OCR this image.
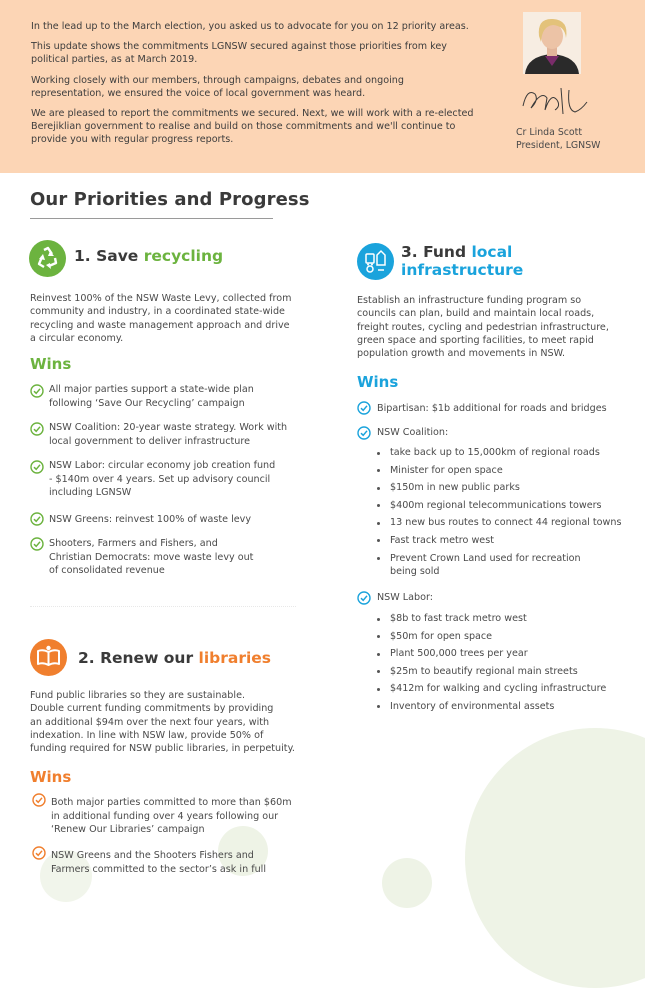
In the lead up to the March election, you asked us to advocate for you on 12 priority areas.

This update shows the commitments LGNSW secured against those priorities from key political parties, as at March 2019.

Working closely with our members, through campaigns, debates and ongoing representation, we ensured the voice of local government was heard.

We are pleased to report the commitments we secured. Next, we will work with a re-elected Berejiklian government to realise and build on those commitments and we'll continue to provide you with regular progress reports.

Cr Linda Scott
President, LGNSW
Our Priorities and Progress
1. Save recycling
Reinvest 100% of the NSW Waste Levy, collected from
community and industry, in a coordinated state-wide
recycling and waste management approach and drive
a circular economy.
Wins
All major parties support a state-wide plan
following ‘Save Our Recycling’ campaign
NSW Coalition: 20-year waste strategy. Work with
local government to deliver infrastructure
NSW Labor: circular economy job creation fund
- $140m over 4 years. Set up advisory council
including LGNSW
NSW Greens: reinvest 100% of waste levy
Shooters, Farmers and Fishers, and
Christian Democrats: move waste levy out
of consolidated revenue
2. Renew our libraries
Fund public libraries so they are sustainable.
Double current funding commitments by providing
an additional $94m over the next four years, with
indexation. In line with NSW law, provide 50% of
funding required for NSW public libraries, in perpetuity.
Wins
Both major parties committed to more than $60m
in additional funding over 4 years following our
‘Renew Our Libraries’ campaign
NSW Greens and the Shooters Fishers and
Farmers committed to the sector’s ask in full
3. Fund local
infrastructure
Establish an infrastructure funding program so
councils can plan, build and maintain local roads,
freight routes, cycling and pedestrian infrastructure,
green space and sporting facilities, to meet rapid
population growth and movements in NSW.
Wins
Bipartisan: $1b additional for roads and bridges
NSW Coalition:
take back up to 15,000km of regional roads
Minister for open space
$150m in new public parks
$400m regional telecommunications towers
13 new bus routes to connect 44 regional towns
Fast track metro west
Prevent Crown Land used for recreation
being sold
NSW Labor:
$8b to fast track metro west
$50m for open space
Plant 500,000 trees per year
$25m to beautify regional main streets
$412m for walking and cycling infrastructure
Inventory of environmental assets
